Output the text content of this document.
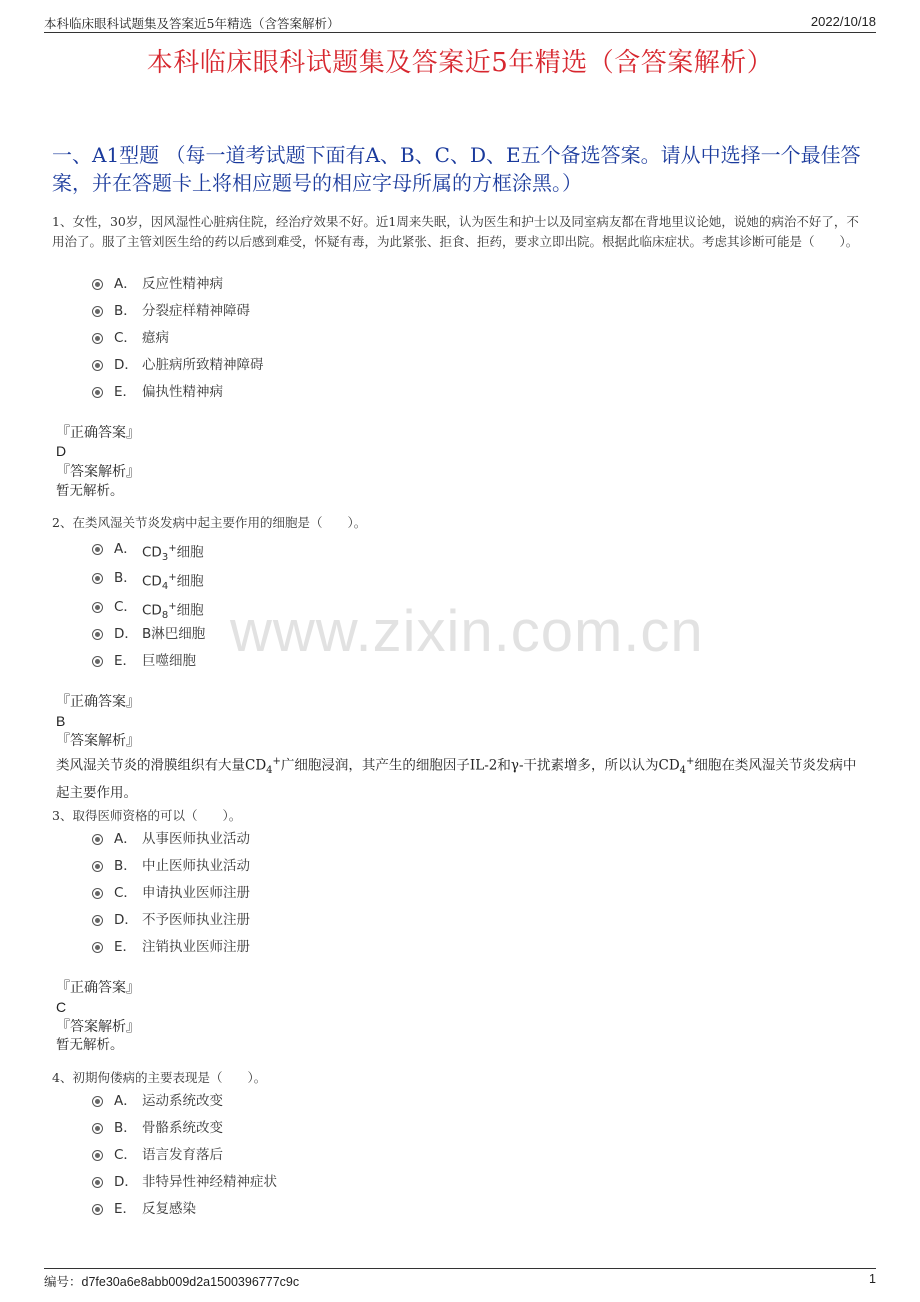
本科临床眼科试题集及答案近5年精选（含答案解析）	2022/10/18
本科临床眼科试题集及答案近5年精选（含答案解析）
一、A1型题 （每一道考试题下面有A、B、C、D、E五个备选答案。请从中选择一个最佳答案，并在答题卡上将相应题号的相应字母所属的方框涂黑。）
www.zixin.com.cn
1、女性，30岁，因风湿性心脏病住院，经治疗效果不好。近1周来失眠，认为医生和护士以及同室病友都在背地里议论她，说她的病治不好了，不用治了。服了主管刘医生给的药以后感到难受，怀疑有毒，为此紧张、拒食、拒药，要求立即出院。根据此临床症状。考虑其诊断可能是（　　）。
A． 反应性精神病
B． 分裂症样精神障碍
C． 癔病
D． 心脏病所致精神障碍
E． 偏执性精神病
『正确答案』
D
『答案解析』
暂无解析。
2、在类风湿关节炎发病中起主要作用的细胞是（　　）。
A． $CD_3^+$细胞
B． $CD_4^+$细胞
C． $CD_8^+$细胞
D． B淋巴细胞
E． 巨噬细胞
『正确答案』
B
『答案解析』
类风湿关节炎的滑膜组织有大量$CD_4^+$广细胞浸润，其产生的细胞因子IL-2和γ-干扰素增多，所以认为$CD_4^+$细胞在类风湿关节炎发病中起主要作用。
3、取得医师资格的可以（　　）。
A． 从事医师执业活动
B． 中止医师执业活动
C． 申请执业医师注册
D． 不予医师执业注册
E． 注销执业医师注册
『正确答案』
C
『答案解析』
暂无解析。
4、初期佝偻病的主要表现是（　　）。
A． 运动系统改变
B． 骨骼系统改变
C． 语言发育落后
D． 非特异性神经精神症状
E． 反复感染
编号：d7fe30a6e8abb009d2a1500396777c9c	1
